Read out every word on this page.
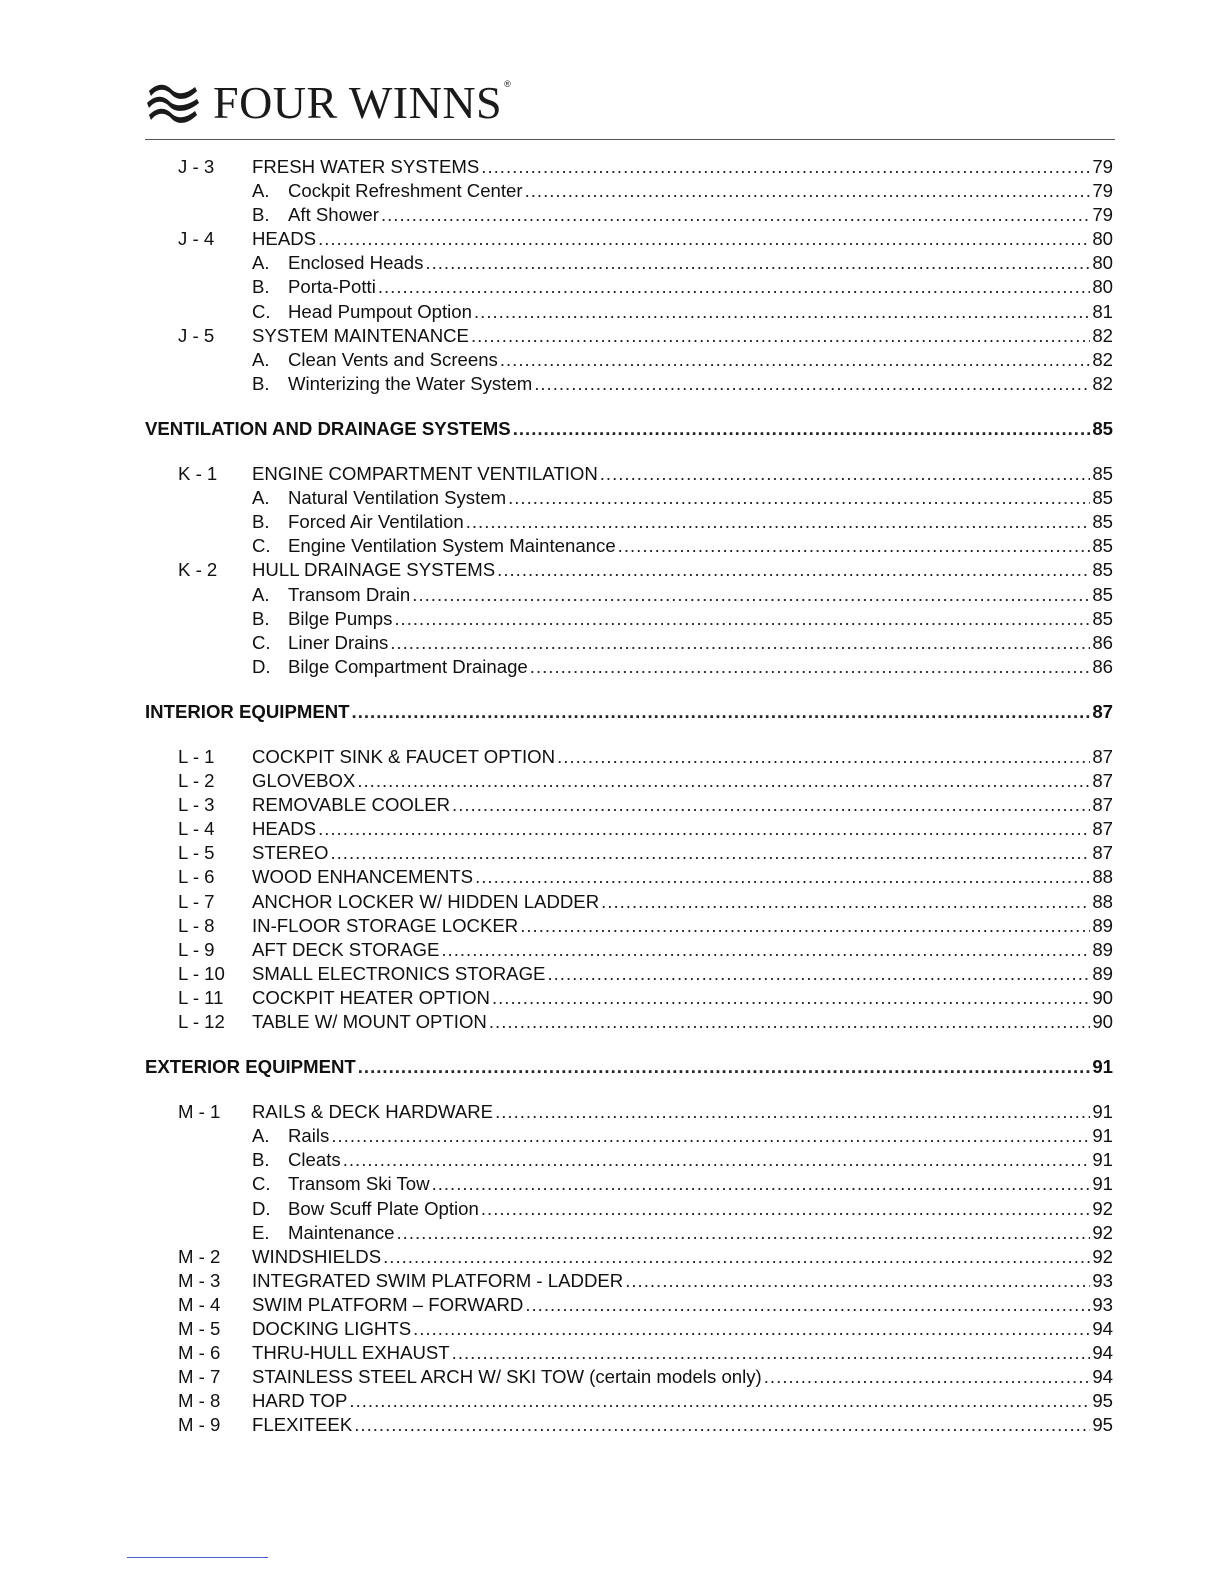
FOUR WINNS ®
J - 3	FRESH WATER SYSTEMS .....	79
A. Cockpit Refreshment Center .....	79
B. Aft Shower .....	79
J - 4	HEADS .....	80
A. Enclosed Heads .....	80
B. Porta-Potti .....	80
C. Head Pumpout Option .....	81
J - 5	SYSTEM MAINTENANCE .....	82
A. Clean Vents and Screens .....	82
B. Winterizing the Water System .....	82
VENTILATION AND DRAINAGE SYSTEMS .....	85
K - 1	ENGINE COMPARTMENT VENTILATION .....	85
A. Natural Ventilation System .....	85
B. Forced Air Ventilation .....	85
C. Engine Ventilation System Maintenance .....	85
K - 2	HULL DRAINAGE SYSTEMS .....	85
A. Transom Drain .....	85
B. Bilge Pumps .....	85
C. Liner Drains .....	86
D. Bilge Compartment Drainage .....	86
INTERIOR EQUIPMENT .....	87
L - 1	COCKPIT SINK & FAUCET OPTION .....	87
L - 2	GLOVEBOX .....	87
L - 3	REMOVABLE COOLER .....	87
L - 4	HEADS .....	87
L - 5	STEREO .....	87
L - 6	WOOD ENHANCEMENTS .....	88
L - 7	ANCHOR LOCKER W/ HIDDEN LADDER .....	88
L - 8	IN-FLOOR STORAGE LOCKER .....	89
L - 9	AFT DECK STORAGE .....	89
L - 10	SMALL ELECTRONICS STORAGE .....	89
L - 11	COCKPIT HEATER OPTION .....	90
L - 12	TABLE W/ MOUNT OPTION .....	90
EXTERIOR EQUIPMENT .....	91
M - 1	RAILS & DECK HARDWARE .....	91
A. Rails .....	91
B. Cleats .....	91
C. Transom Ski Tow .....	91
D. Bow Scuff Plate Option .....	92
E. Maintenance .....	92
M - 2	WINDSHIELDS .....	92
M - 3	INTEGRATED SWIM PLATFORM - LADDER .....	93
M - 4	SWIM PLATFORM – FORWARD .....	93
M - 5	DOCKING LIGHTS .....	94
M - 6	THRU-HULL EXHAUST .....	94
M - 7	STAINLESS STEEL ARCH W/ SKI TOW (certain models only) .....	94
M - 8	HARD TOP .....	95
M - 9	FLEXITEEK .....	95
